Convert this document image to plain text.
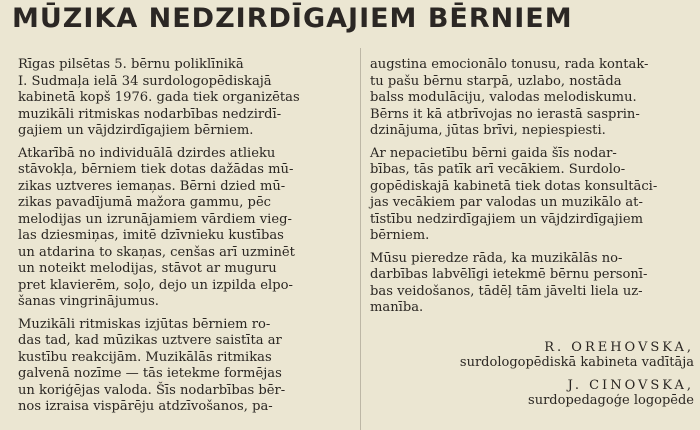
MŪZIKA NEDZIRDĪGAJIEM BĒRNIEM
Rīgas pilsētas 5. bērnu poliklīnikā
I. Sudmaļa ielā 34 surdologopēdiskajā
kabinetā kopš 1976. gada tiek organizētas
muzikāli ritmiskas nodarbības nedzirdī-
gajiem un vājdzirdīgajiem bērniem.
Atkarībā no individuālā dzirdes atlieku
stāvokļa, bērniem tiek dotas dažādas mū-
zikas uztveres iemaņas. Bērni dzied mū-
zikas pavadījumā mažora gammu, pēc
melodijas un izrunājamiem vārdiem vieg-
las dziesmiņas, imitē dzīvnieku kustības
un atdarina to skaņas, cenšas arī uzminēt
un noteikt melodijas, stāvot ar muguru
pret klavierēm, soļo, dejo un izpilda elpo-
šanas vingrinājumus.
Muzikāli ritmiskas izjūtas bērniem ro-
das tad, kad mūzikas uztvere saistīta ar
kustību reakcijām. Muzikālās ritmikas
galvenā nozīme — tās ietekme formējas
un koriģējas valoda. Šīs nodarbības bēr-
nos izraisa vispārēju atdzīvošanos, pa-
augstina emocionālo tonusu, rada kontak-
tu pašu bērnu starpā, uzlabo, nostāda
balss modulāciju, valodas melodiskumu.
Bērns it kā atbrīvojas no ierastā sasprin-
dzinājuma, jūtas brīvi, nepiespiesti.
Ar nepacietību bērni gaida šīs nodar-
bības, tās patīk arī vecākiem. Surdolo-
gopēdiskajā kabinetā tiek dotas konsultāci-
jas vecākiem par valodas un muzikālo at-
tīstību nedzirdīgajiem un vājdzirdīgajiem
bērniem.
Mūsu pieredze rāda, ka muzikālās no-
darbības labvēlīgi ietekmē bērnu personī-
bas veidošanos, tādēļ tām jāvelti liela uz-
manība.
R. OREHOVSKA,
surdologopēdiskā kabineta vadītāja
J. CINOVSKA,
surdopedagoģe logopēde
